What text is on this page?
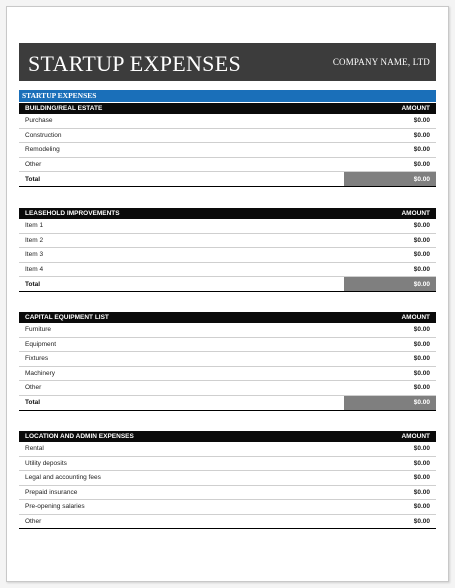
STARTUP EXPENSES	COMPANY NAME, LTD
STARTUP EXPENSES
BUILDING/REAL ESTATE	AMOUNT
Purchase	$0.00
Construction	$0.00
Remodeling	$0.00
Other	$0.00
Total	$0.00
LEASEHOLD IMPROVEMENTS	AMOUNT
Item 1	$0.00
Item 2	$0.00
Item 3	$0.00
Item 4	$0.00
Total	$0.00
CAPITAL EQUIPMENT LIST	AMOUNT
Furniture	$0.00
Equipment	$0.00
Fixtures	$0.00
Machinery	$0.00
Other	$0.00
Total	$0.00
LOCATION AND ADMIN EXPENSES	AMOUNT
Rental	$0.00
Utility deposits	$0.00
Legal and accounting fees	$0.00
Prepaid insurance	$0.00
Pre-opening salaries	$0.00
Other	$0.00
